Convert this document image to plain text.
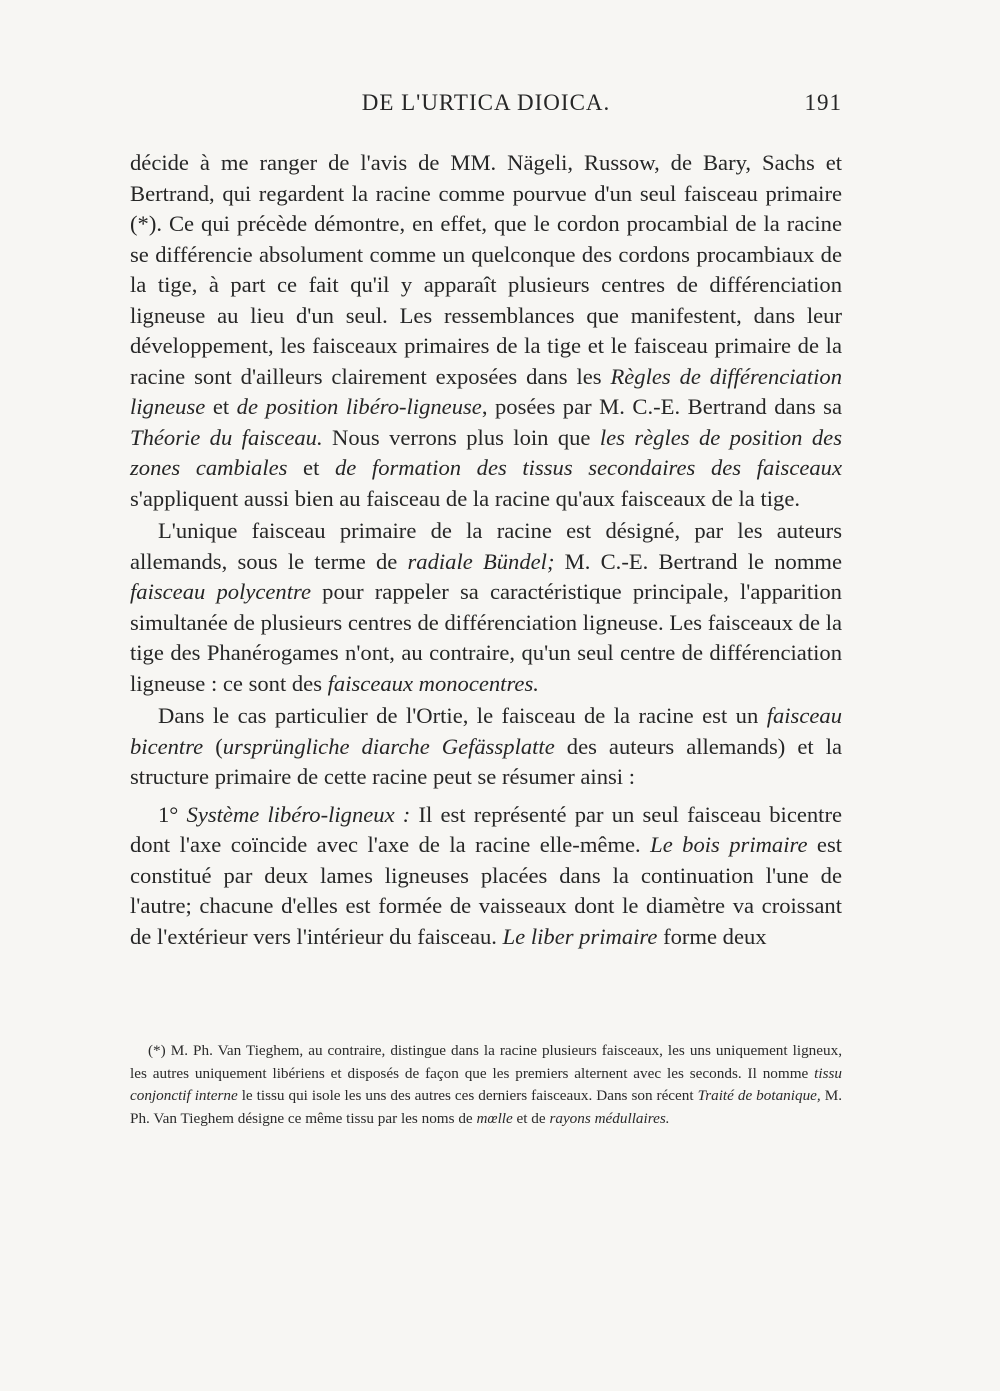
DE L'URTICA DIOICA.	191

décide à me ranger de l'avis de MM. Nägeli, Russow, de Bary, Sachs et Bertrand, qui regardent la racine comme pourvue d'un seul faisceau primaire (*). Ce qui précède démontre, en effet, que le cordon procambial de la racine se différencie absolument comme un quelconque des cordons procambiaux de la tige, à part ce fait qu'il y apparaît plusieurs centres de différenciation ligneuse au lieu d'un seul. Les ressemblances que manifestent, dans leur développement, les faisceaux primaires de la tige et le faisceau primaire de la racine sont d'ailleurs clairement exposées dans les Règles de différenciation ligneuse et de position libéro-ligneuse, posées par M. C.-E. Bertrand dans sa Théorie du faisceau. Nous verrons plus loin que les règles de position des zones cambiales et de formation des tissus secondaires des faisceaux s'appliquent aussi bien au faisceau de la racine qu'aux faisceaux de la tige.

L'unique faisceau primaire de la racine est désigné, par les auteurs allemands, sous le terme de radiale Bündel; M. C.-E. Bertrand le nomme faisceau polycentre pour rappeler sa caractéristique principale, l'apparition simultanée de plusieurs centres de différenciation ligneuse. Les faisceaux de la tige des Phanérogames n'ont, au contraire, qu'un seul centre de différenciation ligneuse : ce sont des faisceaux monocentres.

Dans le cas particulier de l'Ortie, le faisceau de la racine est un faisceau bicentre (ursprüngliche diarche Gefässplatte des auteurs allemands) et la structure primaire de cette racine peut se résumer ainsi :

1° Système libéro-ligneux : Il est représenté par un seul faisceau bicentre dont l'axe coïncide avec l'axe de la racine elle-même. Le bois primaire est constitué par deux lames ligneuses placées dans la continuation l'une de l'autre; chacune d'elles est formée de vaisseaux dont le diamètre va croissant de l'extérieur vers l'intérieur du faisceau. Le liber primaire forme deux

(*) M. Ph. Van Tieghem, au contraire, distingue dans la racine plusieurs faisceaux, les uns uniquement ligneux, les autres uniquement libériens et disposés de façon que les premiers alternent avec les seconds. Il nomme tissu conjonctif interne le tissu qui isole les uns des autres ces derniers faisceaux. Dans son récent Traité de botanique, M. Ph. Van Tieghem désigne ce même tissu par les noms de mœlle et de rayons médullaires.
